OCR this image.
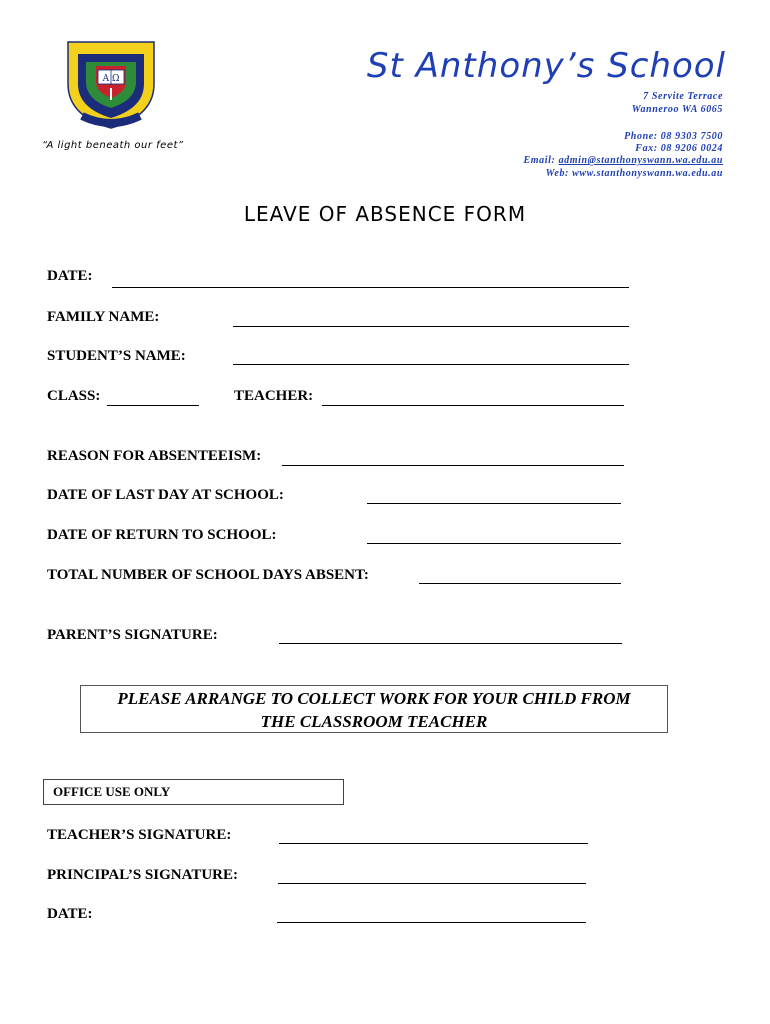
A Ω
“A light beneath our feet”
St Anthony’s School
7 Servite Terrace
Wanneroo WA 6065
Phone: 08 9303 7500
Fax: 08 9206 0024
Email: admin@stanthonyswann.wa.edu.au
Web: www.stanthonyswann.wa.edu.au
LEAVE OF ABSENCE FORM
DATE:
FAMILY NAME:
STUDENT’S NAME:
CLASS:	TEACHER:
REASON FOR ABSENTEEISM:
DATE OF LAST DAY AT SCHOOL:
DATE OF RETURN TO SCHOOL:
TOTAL NUMBER OF SCHOOL DAYS ABSENT:
PARENT’S SIGNATURE:
PLEASE ARRANGE TO COLLECT WORK FOR YOUR CHILD FROM
THE CLASSROOM TEACHER
OFFICE USE ONLY
TEACHER’S SIGNATURE:
PRINCIPAL’S SIGNATURE:
DATE:
